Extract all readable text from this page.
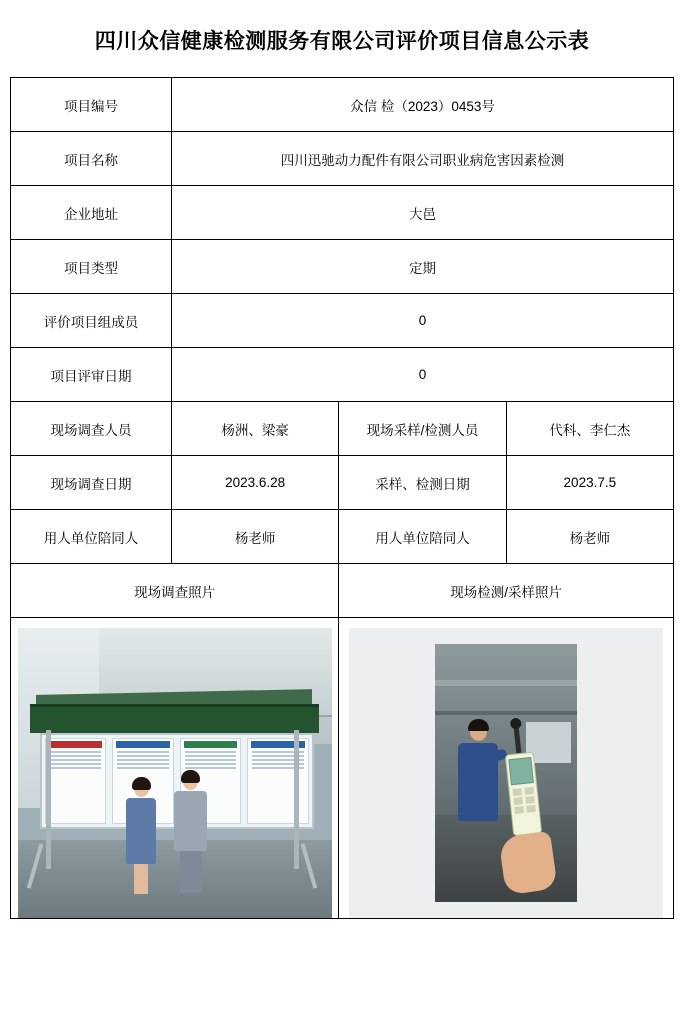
四川众信健康检测服务有限公司评价项目信息公示表
项目编号	众信 检（2023）0453号		
项目名称	四川迅驰动力配件有限公司职业病危害因素检测		
企业地址	大邑		
项目类型	定期		
评价项目组成员	0		
项目评审日期	0		
现场调查人员	杨洲、梁豪	现场采样/检测人员	代科、李仁杰
现场调查日期	2023.6.28	采样、检测日期	2023.7.5
用人单位陪同人	杨老师	用人单位陪同人	杨老师
现场调查照片		现场检测/采样照片	
